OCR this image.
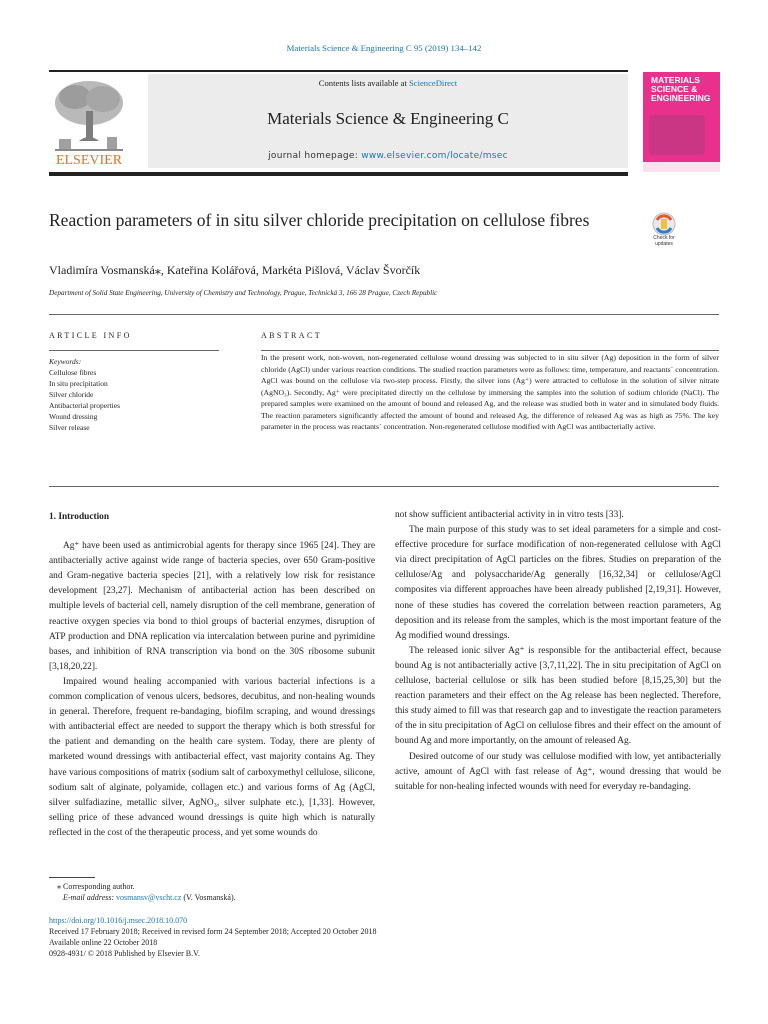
Materials Science & Engineering C 95 (2019) 134–142
Contents lists available at ScienceDirect
Materials Science & Engineering C
journal homepage: www.elsevier.com/locate/msec
ELSEVIER
MATERIALS SCIENCE & ENGINEERING
Reaction parameters of in situ silver chloride precipitation on cellulose fibres
Check for updates
Vladimíra Vosmanská⁎, Kateřina Kolářová, Markéta Pišlová, Václav Švorčík
Department of Solid State Engineering, University of Chemistry and Technology, Prague, Technická 3, 166 28 Prague, Czech Republic
ARTICLE INFO	ABSTRACT
Keywords:
Cellulose fibres
In situ precipitation
Silver chloride
Antibacterial properties
Wound dressing
Silver release
In the present work, non-woven, non-regenerated cellulose wound dressing was subjected to in situ silver (Ag) deposition in the form of silver chloride (AgCl) under various reaction conditions. The studied reaction parameters were as follows: time, temperature, and reactants´ concentration. AgCl was bound on the cellulose via two-step process. Firstly, the silver ions (Ag⁺) were attracted to cellulose in the solution of silver nitrate (AgNO₃). Secondly, Ag⁺ were precipitated directly on the cellulose by immersing the samples into the solution of sodium chloride (NaCl). The prepared samples were examined on the amount of bound and released Ag, and the release was studied both in water and in simulated body fluids. The reaction parameters significantly affected the amount of bound and released Ag, the difference of released Ag was as high as 75%. The key parameter in the process was reactants´ concentration. Non-regenerated cellulose modified with AgCl was antibacterially active.
1. Introduction

Ag⁺ have been used as antimicrobial agents for therapy since 1965 [24]. They are antibacterially active against wide range of bacteria species, over 650 Gram-positive and Gram-negative bacteria species [21], with a relatively low risk for resistance development [23,27]. Mechanism of antibacterial action has been described on multiple levels of bacterial cell, namely disruption of the cell membrane, generation of reactive oxygen species via bond to thiol groups of bacterial enzymes, disruption of ATP production and DNA replication via intercalation between purine and pyrimidine bases, and inhibition of RNA transcription via bond on the 30S ribosome subunit [3,18,20,22].

Impaired wound healing accompanied with various bacterial infections is a common complication of venous ulcers, bedsores, decubitus, and non-healing wounds in general. Therefore, frequent re-bandaging, biofilm scraping, and wound dressings with antibacterial effect are needed to support the therapy which is both stressful for the patient and demanding on the health care system. Today, there are plenty of marketed wound dressings with antibacterial effect, vast majority contains Ag. They have various compositions of matrix (sodium salt of carboxymethyl cellulose, silicone, sodium salt of alginate, polyamide, collagen etc.) and various forms of Ag (AgCl, silver sulfadiazine, metallic silver, AgNO₃, silver sulphate etc.), [1,33]. However, selling price of these advanced wound dressings is quite high which is naturally reflected in the cost of the therapeutic process, and yet some wounds do

not show sufficient antibacterial activity in in vitro tests [33].

The main purpose of this study was to set ideal parameters for a simple and cost-effective procedure for surface modification of non-regenerated cellulose with AgCl via direct precipitation of AgCl particles on the fibres. Studies on preparation of the cellulose/Ag and polysaccharide/Ag generally [16,32,34] or cellulose/AgCl composites via different approaches have been already published [2,19,31]. However, none of these studies has covered the correlation between reaction parameters, Ag deposition and its release from the samples, which is the most important feature of the Ag modified wound dressings.

The released ionic silver Ag⁺ is responsible for the antibacterial effect, because bound Ag is not antibacterially active [3,7,11,22]. The in situ precipitation of AgCl on cellulose, bacterial cellulose or silk has been studied before [8,15,25,30] but the reaction parameters and their effect on the Ag release has been neglected. Therefore, this study aimed to fill was that research gap and to investigate the reaction parameters of the in situ precipitation of AgCl on cellulose fibres and their effect on the amount of bound Ag and more importantly, on the amount of released Ag.

Desired outcome of our study was cellulose modified with low, yet antibacterially active, amount of AgCl with fast release of Ag⁺, wound dressing that would be suitable for non-healing infected wounds with need for everyday re-bandaging.

⁎ Corresponding author.
E-mail address: vosmansv@vscht.cz (V. Vosmanská).
https://doi.org/10.1016/j.msec.2018.10.070
Received 17 February 2018; Received in revised form 24 September 2018; Accepted 20 October 2018
Available online 22 October 2018
0928-4931/ © 2018 Published by Elsevier B.V.
